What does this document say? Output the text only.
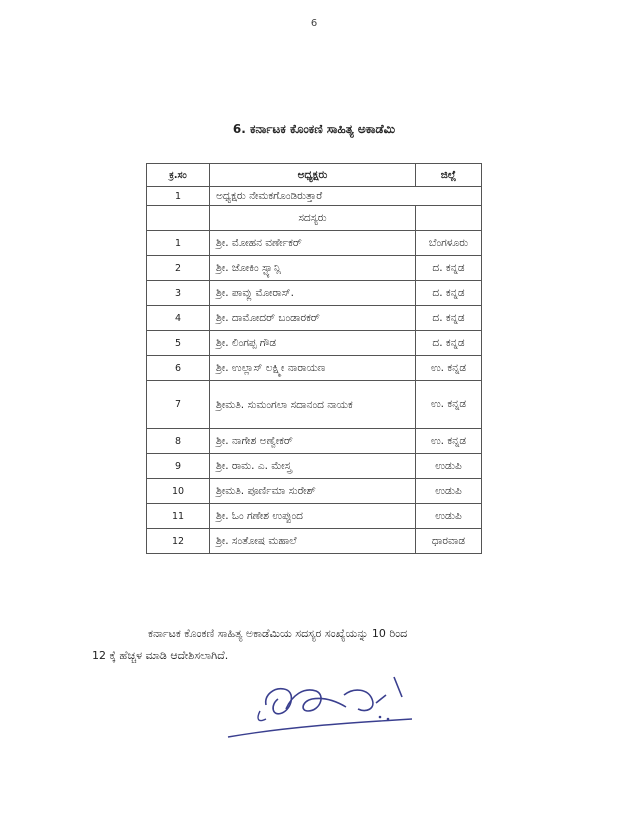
6
6. ಕರ್ನಾಟಕ ಕೊಂಕಣಿ ಸಾಹಿತ್ಯ ಅಕಾಡೆಮಿ
ಕ್ರ.ಸಂ	ಅಧ್ಯಕ್ಷರು	ಜಿಲ್ಲೆ
1	ಅಧ್ಯಕ್ಷರು ನೇಮಕಗೊಂಡಿರುತ್ತಾರೆ	
	ಸದಸ್ಯರು	
1	ಶ್ರೀ. ಮೋಹನ ವರ್ಣೇಕರ್	ಬೆಂಗಳೂರು
2	ಶ್ರೀ. ಜೋಕಿಂ ಸ್ಟ್ಯಾನ್ಲಿ	ದ. ಕನ್ನಡ
3	ಶ್ರೀ. ಪಾವ್ಲು ಮೋರಾಸ್.	ದ. ಕನ್ನಡ
4	ಶ್ರೀ. ದಾಮೋದರ್ ಬಂಡಾರಕರ್	ದ. ಕನ್ನಡ
5	ಶ್ರೀ. ಲಿಂಗಪ್ಪ ಗೌಡ	ದ. ಕನ್ನಡ
6	ಶ್ರೀ. ಉಲ್ಲಾಸ್ ಲಕ್ಷ್ಮೀ ನಾರಾಯಣ	ಉ. ಕನ್ನಡ
7	ಶ್ರೀಮತಿ. ಸುಮಂಗಲಾ ಸದಾನಂದ ನಾಯಕ	ಉ. ಕನ್ನಡ
8	ಶ್ರೀ. ನಾಗೇಶ ಅಣ್ವೇಕರ್	ಉ. ಕನ್ನಡ
9	ಶ್ರೀ. ರಾಮ. ಎ. ಮೇಸ್ತ್ರ	ಉಡುಪಿ
10	ಶ್ರೀಮತಿ. ಪೂರ್ಣಿಮಾ ಸುರೇಶ್	ಉಡುಪಿ
11	ಶ್ರೀ. ಓಂ ಗಣೇಶ ಉಪ್ಪುಂದ	ಉಡುಪಿ
12	ಶ್ರೀ. ಸಂತೋಷ ಮಹಾಲೆ	ಧಾರವಾಡ
ಕರ್ನಾಟಕ ಕೊಂಕಣಿ ಸಾಹಿತ್ಯ ಅಕಾಡೆಮಿಯ ಸದಸ್ಯರ ಸಂಖ್ಯೆಯನ್ನು 10 ರಿಂದ
12 ಕ್ಕೆ ಹೆಚ್ಚಳ ಮಾಡಿ ಆದೇಶಿಸಲಾಗಿದೆ.
